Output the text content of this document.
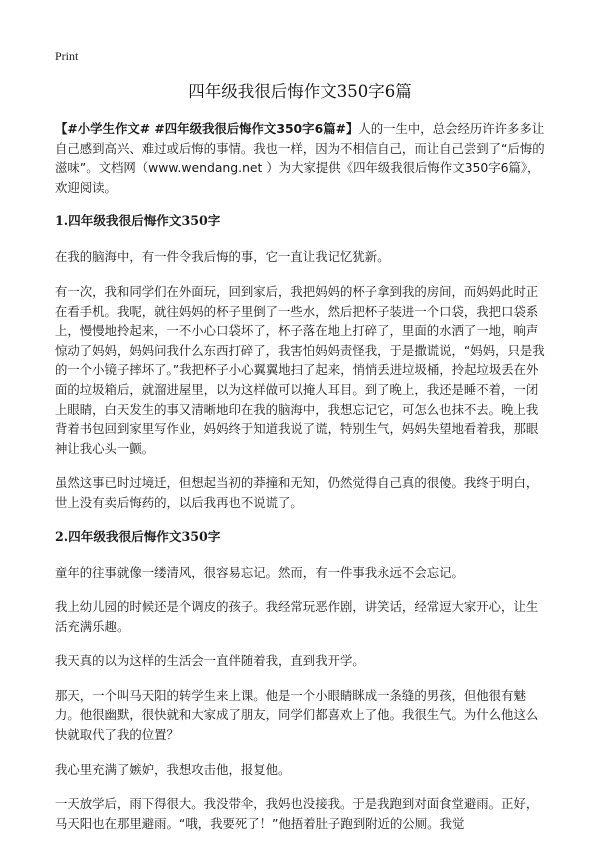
Print
四年级我很后悔作文350字6篇

【#小学生作文# #四年级我很后悔作文350字6篇#】人的一生中，总会经历许许多多让自己感到高兴、难过或后悔的事情。我也一样，因为不相信自己，而让自己尝到了“后悔的滋味”。文档网（www.wendang.net ）为大家提供《四年级我很后悔作文350字6篇》，欢迎阅读。

1.四年级我很后悔作文350字

在我的脑海中，有一件令我后悔的事，它一直让我记忆犹新。

有一次，我和同学们在外面玩，回到家后，我把妈妈的杯子拿到我的房间，而妈妈此时正在看手机。我呢，就往妈妈的杯子里倒了一些水，然后把杯子装进一个口袋，我把口袋系上，慢慢地拎起来，一不小心口袋坏了，杯子落在地上打碎了，里面的水洒了一地，响声惊动了妈妈，妈妈问我什么东西打碎了，我害怕妈妈责怪我，于是撒谎说，“妈妈，只是我的一个小镜子摔坏了。”我把杯子小心翼翼地扫了起来，悄悄丢进垃圾桶，拎起垃圾丢在外面的垃圾箱后，就溜进屋里，以为这样做可以掩人耳目。到了晚上，我还是睡不着，一闭上眼睛，白天发生的事又清晰地印在我的脑海中，我想忘记它，可怎么也抹不去。晚上我背着书包回到家里写作业，妈妈终于知道我说了谎，特别生气，妈妈失望地看着我，那眼神让我心头一颤。

虽然这事已时过境迁，但想起当初的莽撞和无知，仍然觉得自己真的很傻。我终于明白，世上没有卖后悔药的，以后我再也不说谎了。

2.四年级我很后悔作文350字

童年的往事就像一缕清风，很容易忘记。然而，有一件事我永远不会忘记。

我上幼儿园的时候还是个调皮的孩子。我经常玩恶作剧，讲笑话，经常逗大家开心，让生活充满乐趣。

我天真的以为这样的生活会一直伴随着我，直到我开学。

那天，一个叫马天阳的转学生来上课。他是一个小眼睛眯成一条缝的男孩，但他很有魅力。他很幽默，很快就和大家成了朋友，同学们都喜欢上了他。我很生气。为什么他这么快就取代了我的位置？

我心里充满了嫉妒，我想攻击他，报复他。

一天放学后，雨下得很大。我没带伞，我妈也没接我。于是我跑到对面食堂避雨。正好，马天阳也在那里避雨。“哦，我要死了！”他捂着肚子跑到附近的公厕。我觉
